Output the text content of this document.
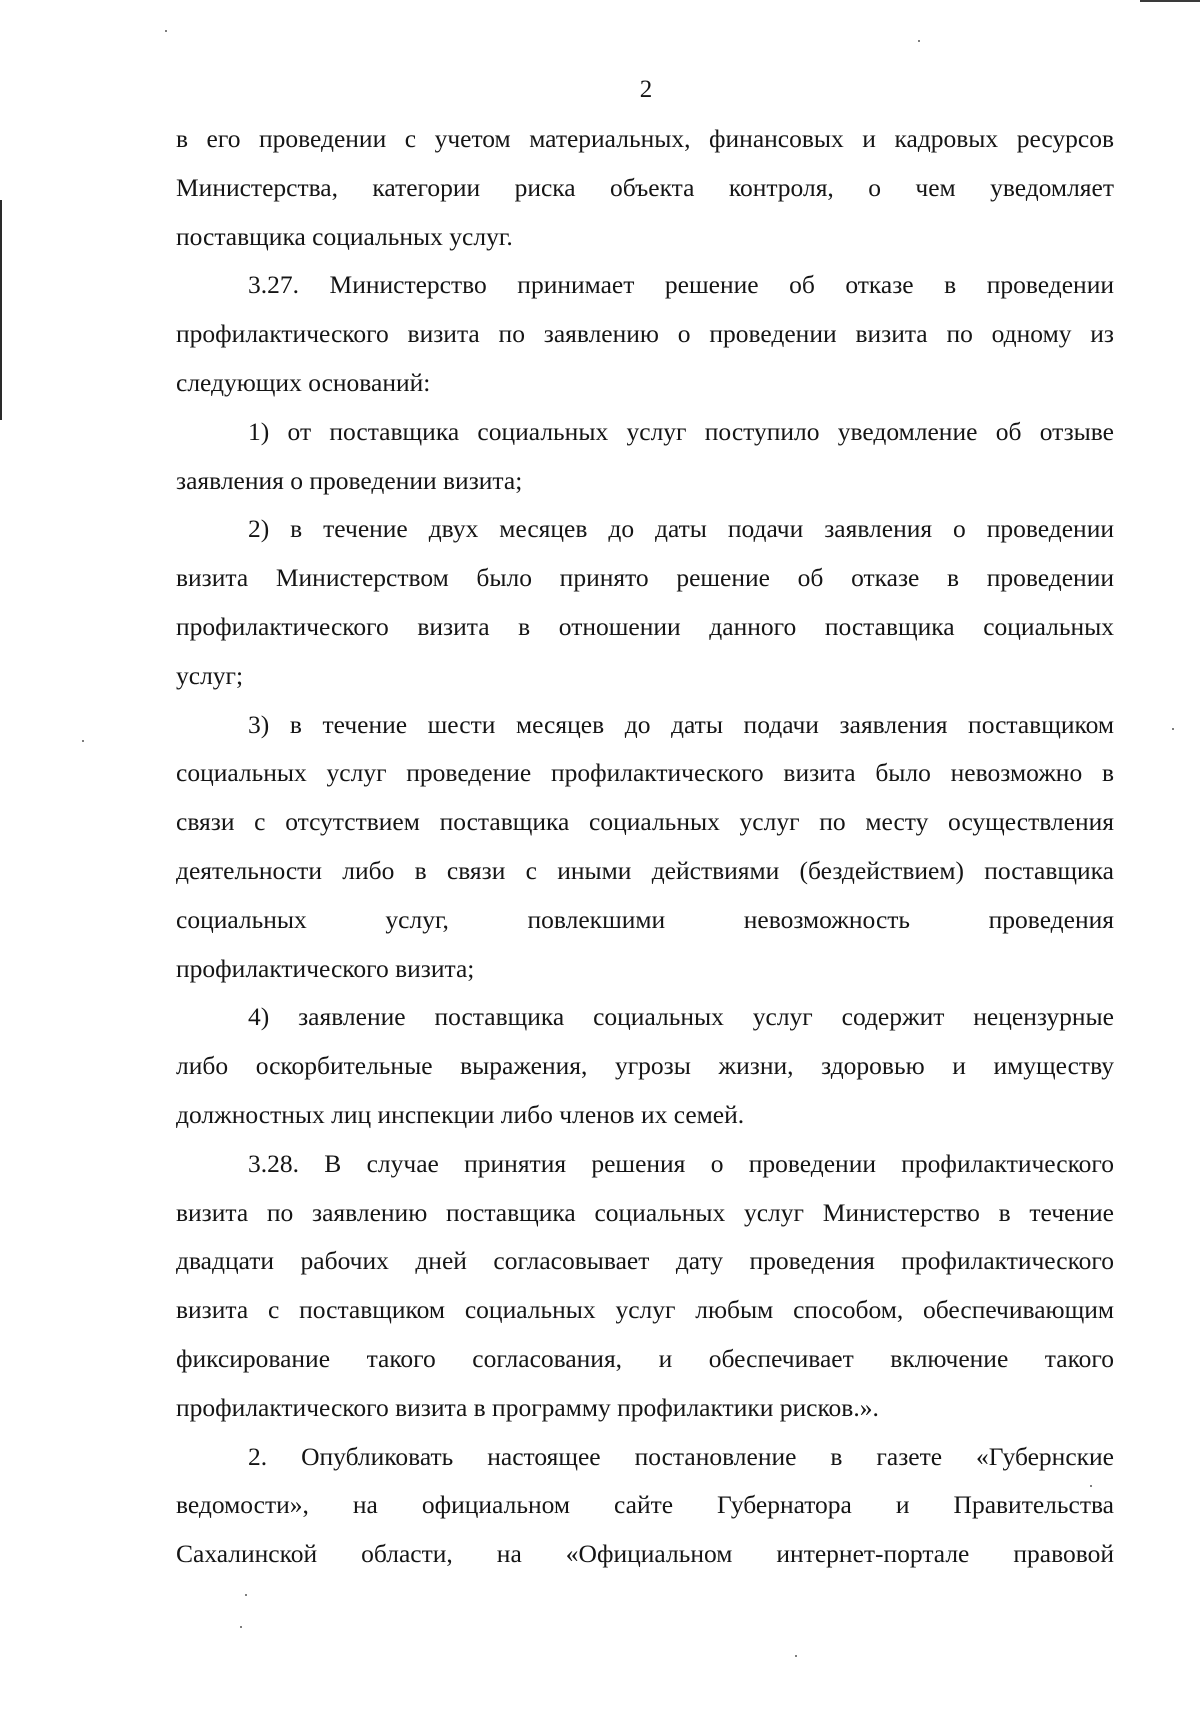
2
в его проведении с учетом материальных, финансовых и кадровых ресурсов
Министерства, категории риска объекта контроля, о чем уведомляет
поставщика социальных услуг.
3.27. Министерство принимает решение об отказе в проведении
профилактического визита по заявлению о проведении визита по одному из
следующих оснований:
1) от поставщика социальных услуг поступило уведомление об отзыве
заявления о проведении визита;
2) в течение двух месяцев до даты подачи заявления о проведении
визита Министерством было принято решение об отказе в проведении
профилактического визита в отношении данного поставщика социальных
услуг;
3) в течение шести месяцев до даты подачи заявления поставщиком
социальных услуг проведение профилактического визита было невозможно в
связи с отсутствием поставщика социальных услуг по месту осуществления
деятельности либо в связи с иными действиями (бездействием) поставщика
социальных услуг, повлекшими невозможность проведения
профилактического визита;
4) заявление поставщика социальных услуг содержит нецензурные
либо оскорбительные выражения, угрозы жизни, здоровью и имуществу
должностных лиц инспекции либо членов их семей.
3.28. В случае принятия решения о проведении профилактического
визита по заявлению поставщика социальных услуг Министерство в течение
двадцати рабочих дней согласовывает дату проведения профилактического
визита с поставщиком социальных услуг любым способом, обеспечивающим
фиксирование такого согласования, и обеспечивает включение такого
профилактического визита в программу профилактики рисков.».
2. Опубликовать настоящее постановление в газете «Губернские
ведомости», на официальном сайте Губернатора и Правительства
Сахалинской области, на «Официальном интернет-портале правовой
